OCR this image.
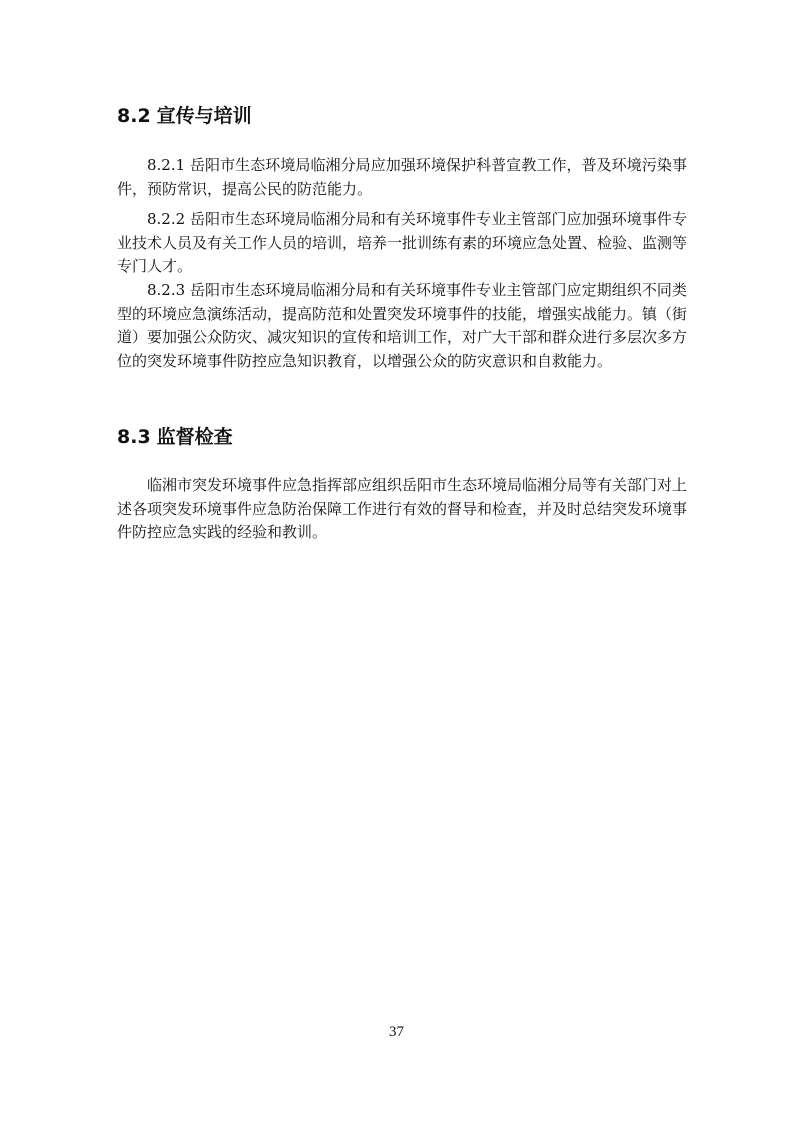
8.2 宣传与培训

8.2.1 岳阳市生态环境局临湘分局应加强环境保护科普宣教工作，普及环境污染事件，预防常识，提高公民的防范能力。

8.2.2 岳阳市生态环境局临湘分局和有关环境事件专业主管部门应加强环境事件专业技术人员及有关工作人员的培训，培养一批训练有素的环境应急处置、检验、监测等专门人才。

8.2.3 岳阳市生态环境局临湘分局和有关环境事件专业主管部门应定期组织不同类型的环境应急演练活动，提高防范和处置突发环境事件的技能，增强实战能力。镇（街道）要加强公众防灾、减灾知识的宣传和培训工作，对广大干部和群众进行多层次多方位的突发环境事件防控应急知识教育，以增强公众的防灾意识和自救能力。

8.3 监督检查

临湘市突发环境事件应急指挥部应组织岳阳市生态环境局临湘分局等有关部门对上述各项突发环境事件应急防治保障工作进行有效的督导和检查，并及时总结突发环境事件防控应急实践的经验和教训。

37
